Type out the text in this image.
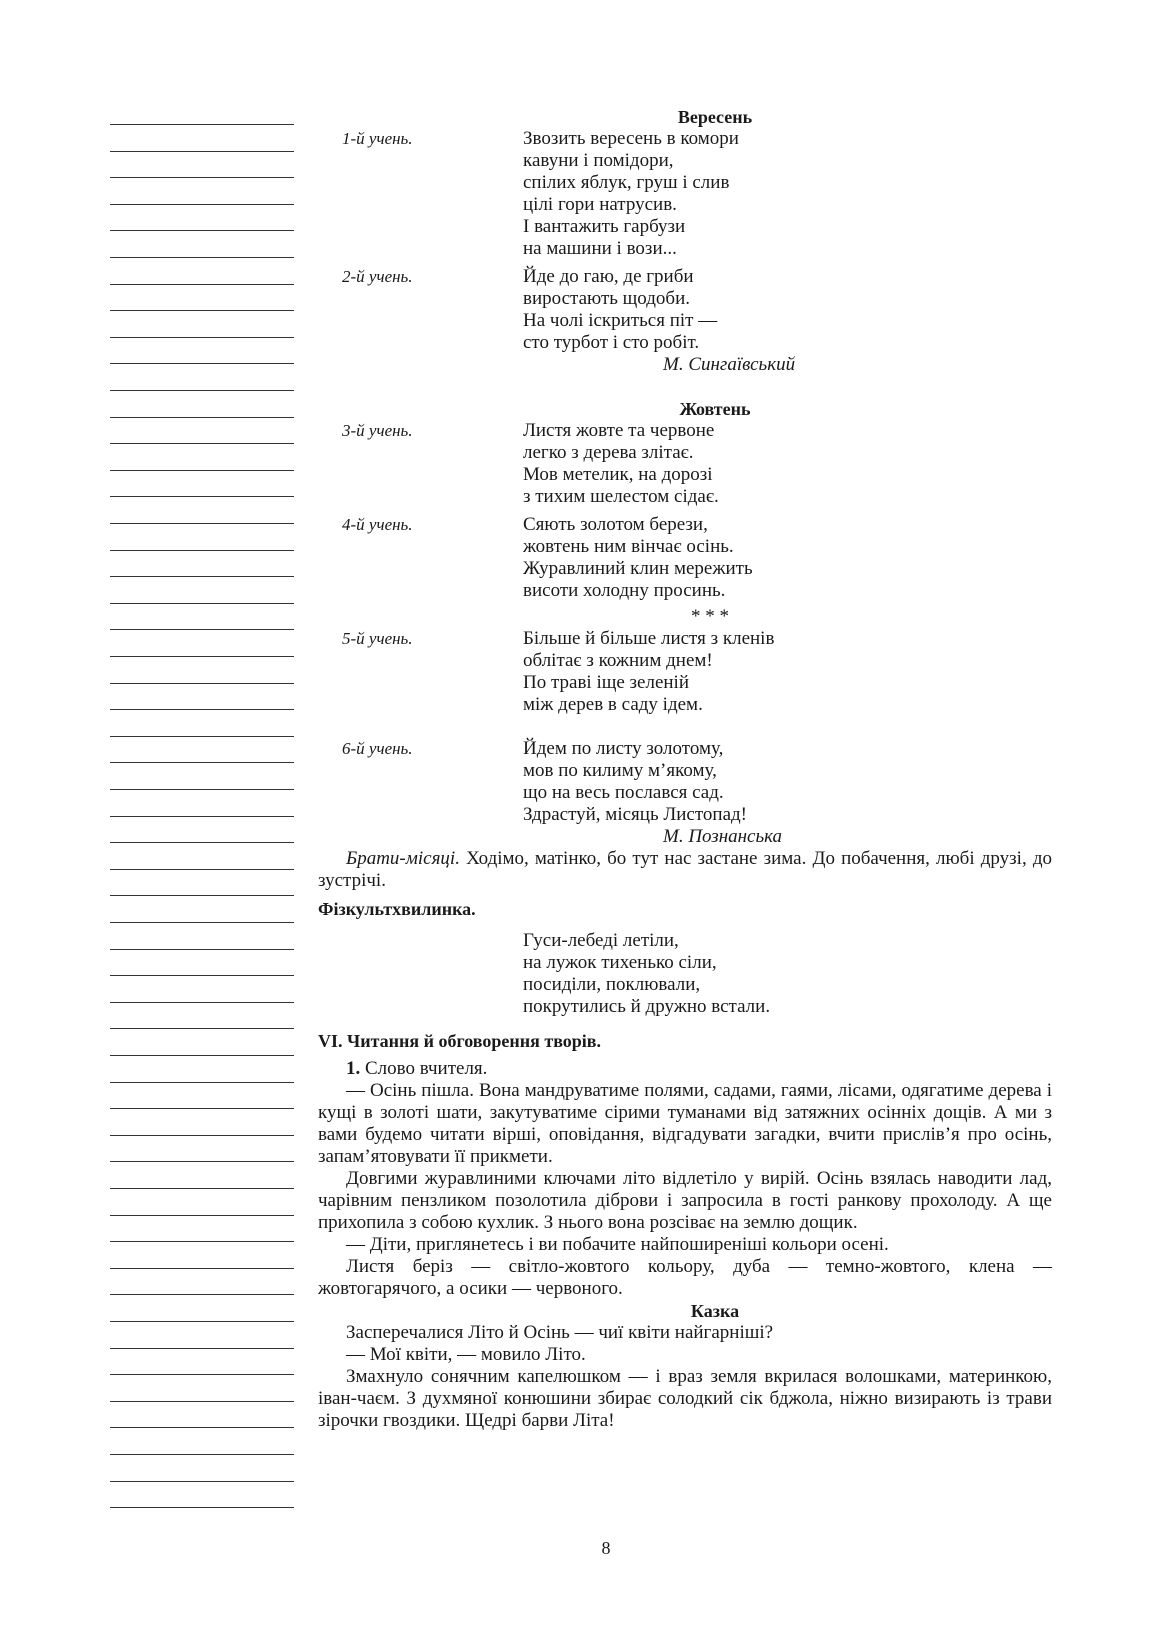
Вересень
1-й учень.	Звозить вересень в комори
кавуни і помідори,
спілих яблук, груш і слив
цілі гори натрусив.
І вантажить гарбузи
на машини і вози...
2-й учень.	Йде до гаю, де гриби
виростають щодоби.
На чолі іскриться піт —
сто турбот і сто робіт.
М. Сингаївський
Жовтень
3-й учень.	Листя жовте та червоне
легко з дерева злітає.
Мов метелик, на дорозі
з тихим шелестом сідає.
4-й учень.	Сяють золотом берези,
жовтень ним вінчає осінь.
Журавлиний клин мережить
висоти холодну просинь.
* * *
5-й учень.	Більше й більше листя з кленів
облітає з кожним днем!
По траві іще зеленій
між дерев в саду ідем.
6-й учень.	Йдем по листу золотому,
мов по килиму м’якому,
що на весь послався сад.
Здрастуй, місяць Листопад!
М. Познанська

Брати-місяці. Ходімо, матінко, бо тут нас застане зима. До побачення, любі друзі, до зустрічі.

Фізкультхвилинка.

Гуси-лебеді летіли,
на лужок тихенько сіли,
посиділи, поклювали,
покрутились й дружно встали.

VI. Читання й обговорення творів.

1. Слово вчителя.

— Осінь пішла. Вона мандруватиме полями, садами, гаями, лісами, одягатиме дерева і кущі в золоті шати, закутуватиме сірими туманами від затяжних осінніх дощів. А ми з вами будемо читати вірші, оповідання, відгадувати загадки, вчити прислів’я про осінь, запам’ятовувати її прикмети.

Довгими журавлиними ключами літо відлетіло у вирій. Осінь взялась наводити лад, чарівним пензликом позолотила діброви і запросила в гості ранкову прохолоду. А ще прихопила з собою кухлик. З нього вона розсіває на землю дощик.

— Діти, приглянетесь і ви побачите найпоширеніші кольори осені.

Листя беріз — світло-жовтого кольору, дуба — темно-жовтого, клена — жовтогарячого, а осики — червоного.

Казка

Засперечалися Літо й Осінь — чиї квіти найгарніші?

— Мої квіти, — мовило Літо.

Змахнуло сонячним капелюшком — і враз земля вкрилася волошками, материнкою, іван-чаєм. З духмяної конюшини збирає солодкий сік бджола, ніжно визирають із трави зірочки гвоздики. Щедрі барви Літа!

8
